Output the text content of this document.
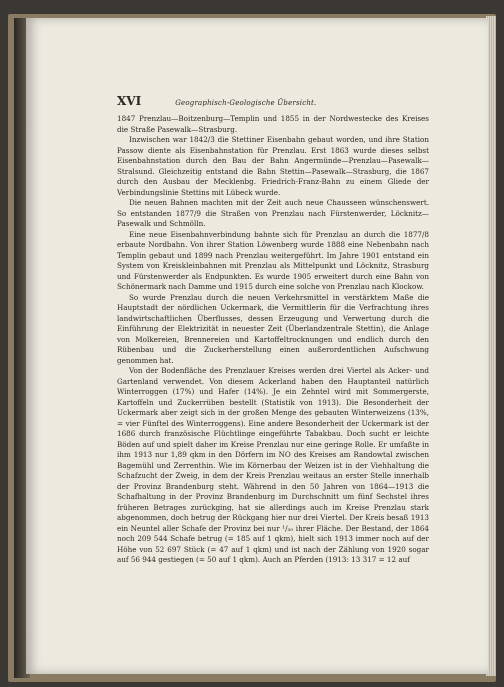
XVI	Geographisch-Geologische Übersicht.

1847 Prenzlau—Boitzenburg—Templin und 1855 in der Nordwestecke des Kreises die Straße Pasewalk—Strasburg.

Inzwischen war 1842/3 die Stettiner Eisenbahn gebaut worden, und ihre Station Passow diente als Eisenbahnstation für Prenzlau. Erst 1863 wurde dieses selbst Eisenbahnstation durch den Bau der Bahn Angermünde—Prenzlau—Pasewalk—Stralsund. Gleichzeitig entstand die Bahn Stettin—Pasewalk—Strasburg, die 1867 durch den Ausbau der Mecklenbg. Friedrich-Franz-Bahn zu einem Gliede der Verbindungslinie Stettins mit Lübeck wurde.

Die neuen Bahnen machten mit der Zeit auch neue Chausseen wünschenswert. So entstanden 1877/9 die Straßen von Prenzlau nach Fürstenwerder, Löcknitz—Pasewalk und Schmölln.

Eine neue Eisenbahnverbindung bahnte sich für Prenzlau an durch die 1877/8 erbaute Nordbahn. Von ihrer Station Löwenberg wurde 1888 eine Nebenbahn nach Templin gebaut und 1899 nach Prenzlau weitergeführt. Im Jahre 1901 entstand ein System von Kreiskleinbahnen mit Prenzlau als Mittelpunkt und Löcknitz, Strasburg und Fürstenwerder als Endpunkten. Es wurde 1905 erweitert durch eine Bahn von Schönermark nach Damme und 1915 durch eine solche von Prenzlau nach Klockow.

So wurde Prenzlau durch die neuen Verkehrsmittel in verstärktem Maße die Hauptstadt der nördlichen Uckermark, die Vermittlerin für die Verfrachtung ihres landwirtschaftlichen Überflusses, dessen Erzeugung und Verwertung durch die Einführung der Elektrizität in neuester Zeit (Überlandzentrale Stettin), die Anlage von Molkereien, Brennereien und Kartoffeltrocknungen und endlich durch den Rübenbau und die Zuckerherstellung einen außerordentlichen Aufschwung genommen hat.

Von der Bodenfläche des Prenzlauer Kreises werden drei Viertel als Acker- und Gartenland verwendet. Von diesem Ackerland haben den Hauptanteil natürlich Winterroggen (17%) und Hafer (14%). Je ein Zehntel wird mit Sommergerste, Kartoffeln und Zuckerrüben bestellt (Statistik von 1913). Die Besonderheit der Uckermark aber zeigt sich in der großen Menge des gebauten Winterweizens (13%, = vier Fünftel des Winterroggens). Eine andere Besonderheit der Uckermark ist der 1686 durch französische Flüchtlinge eingeführte Tabakbau. Doch sucht er leichte Böden auf und spielt daher im Kreise Prenzlau nur eine geringe Rolle. Er umfaßte in ihm 1913 nur 1,89 qkm in den Dörfern im NO des Kreises am Randowtal zwischen Bagemühl und Zerrenthin. Wie im Körnerbau der Weizen ist in der Viehhaltung die Schafzucht der Zweig, in dem der Kreis Prenzlau weitaus an erster Stelle innerhalb der Provinz Brandenburg steht. Während in den 50 Jahren von 1864—1913 die Schafhaltung in der Provinz Brandenburg im Durchschnitt um fünf Sechstel ihres früheren Betrages zurückging, hat sie allerdings auch im Kreise Prenzlau stark abgenommen, doch betrug der Rückgang hier nur drei Viertel. Der Kreis besaß 1913 ein Neuntel aller Schafe der Provinz bei nur ¹/₃₀ ihrer Fläche. Der Bestand, der 1864 noch 209 544 Schafe betrug (= 185 auf 1 qkm), hielt sich 1913 immer noch auf der Höhe von 52 697 Stück (= 47 auf 1 qkm) und ist nach der Zählung von 1920 sogar auf 56 944 gestiegen (= 50 auf 1 qkm). Auch an Pferden (1913: 13 317 = 12 auf
